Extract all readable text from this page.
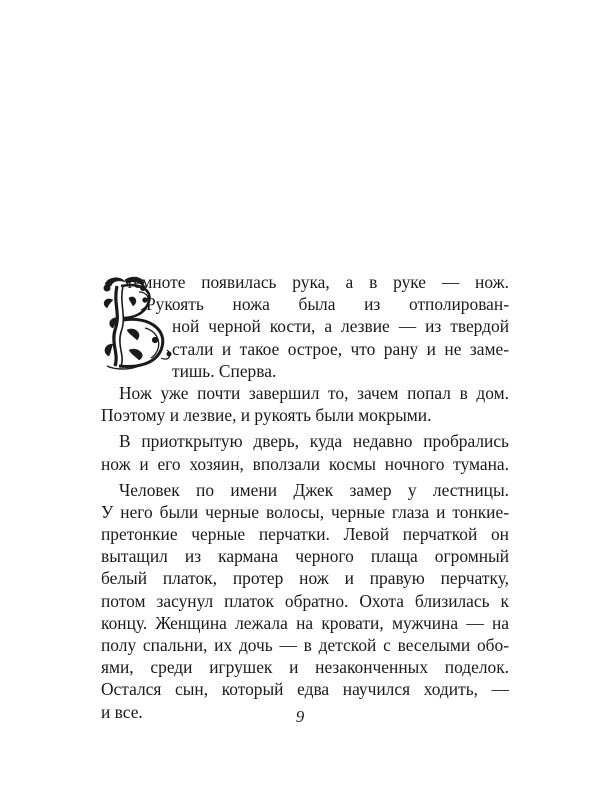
В	темноте появилась рука, а в руке — нож.
Рукоять ножа была из отполирован-
ной черной кости, а лезвие — из твердой
стали и такое острое, что рану и не заме-
тишь. Сперва.
Нож уже почти завершил то, зачем попал в дом.
Поэтому и лезвие, и рукоять были мокрыми.
В приоткрытую дверь, куда недавно пробрались
нож и его хозяин, вползали космы ночного тумана.
Человек по имени Джек замер у лестницы.
У него были черные волосы, черные глаза и тонкие-
претонкие черные перчатки. Левой перчаткой он
вытащил из кармана черного плаща огромный
белый платок, протер нож и правую перчатку,
потом засунул платок обратно. Охота близилась к
концу. Женщина лежала на кровати, мужчина — на
полу спальни, их дочь — в детской с веселыми обо-
ями, среди игрушек и незаконченных поделок.
Остался сын, который едва научился ходить, —
и все.	9
